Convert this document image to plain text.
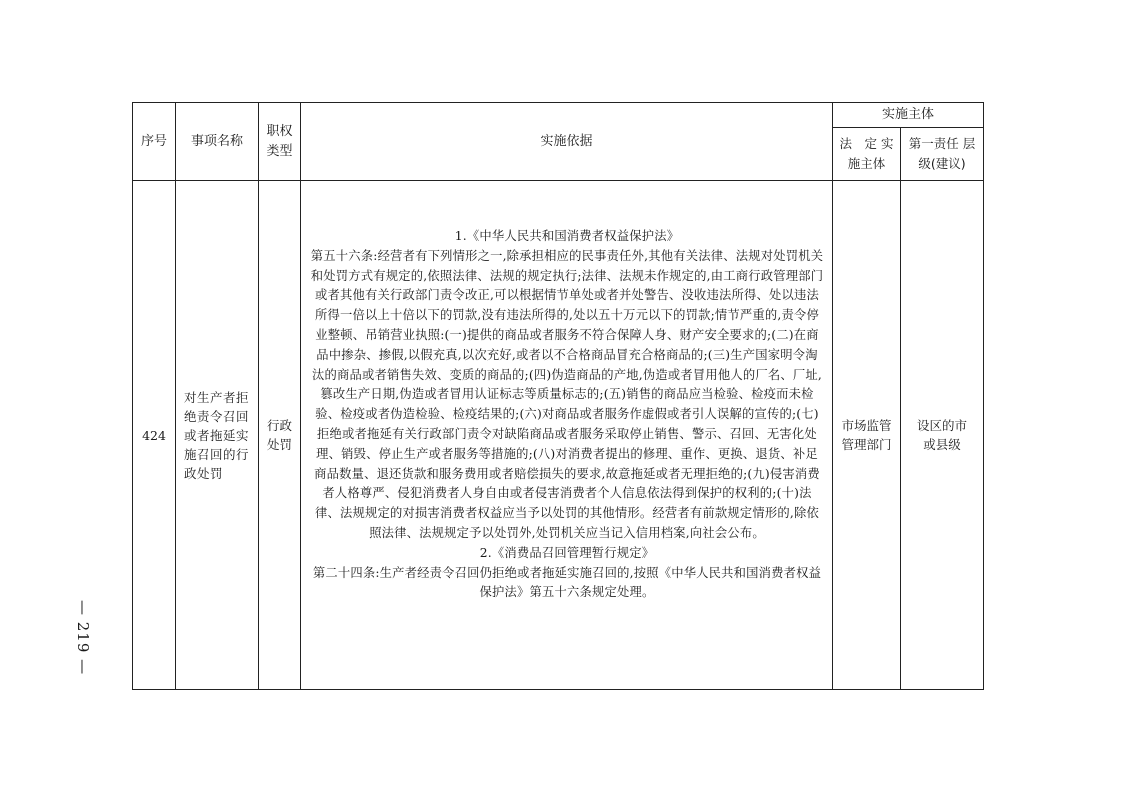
序号	事项名称	职权类型	实施依据	实施主体	

				法　定 实施主体	第一责任 层级(建议)

424	对生产者拒绝责令召回或者拖延实施召回的行政处罚	行政处罚	1.《中华人民共和国消费者权益保护法》

第五十六条:经营者有下列情形之一,除承担相应的民事责任外,其他有关法律、法规对处罚机关和处罚方式有规定的,依照法律、法规的规定执行;法律、法规未作规定的,由工商行政管理部门或者其他有关行政部门责令改正,可以根据情节单处或者并处警告、没收违法所得、处以违法所得一倍以上十倍以下的罚款,没有违法所得的,处以五十万元以下的罚款;情节严重的,责令停业整顿、吊销营业执照:(一)提供的商品或者服务不符合保障人身、财产安全要求的;(二)在商品中掺杂、掺假,以假充真,以次充好,或者以不合格商品冒充合格商品的;(三)生产国家明令淘汰的商品或者销售失效、变质的商品的;(四)伪造商品的产地,伪造或者冒用他人的厂名、厂址,篡改生产日期,伪造或者冒用认证标志等质量标志的;(五)销售的商品应当检验、检疫而未检验、检疫或者伪造检验、检疫结果的;(六)对商品或者服务作虚假或者引人误解的宣传的;(七)拒绝或者拖延有关行政部门责令对缺陷商品或者服务采取停止销售、警示、召回、无害化处理、销毁、停止生产或者服务等措施的;(八)对消费者提出的修理、重作、更换、退货、补足商品数量、退还货款和服务费用或者赔偿损失的要求,故意拖延或者无理拒绝的;(九)侵害消费者人格尊严、侵犯消费者人身自由或者侵害消费者个人信息依法得到保护的权利的;(十)法律、法规规定的对损害消费者权益应当予以处罚的其他情形。经营者有前款规定情形的,除依照法律、法规规定予以处罚外,处罚机关应当记入信用档案,向社会公布。

2.《消费品召回管理暂行规定》

第二十四条:生产者经责令召回仍拒绝或者拖延实施召回的,按照《中华人民共和国消费者权益保护法》第五十六条规定处理。	市场监管管理部门	设区的市或县级
— 219 —
